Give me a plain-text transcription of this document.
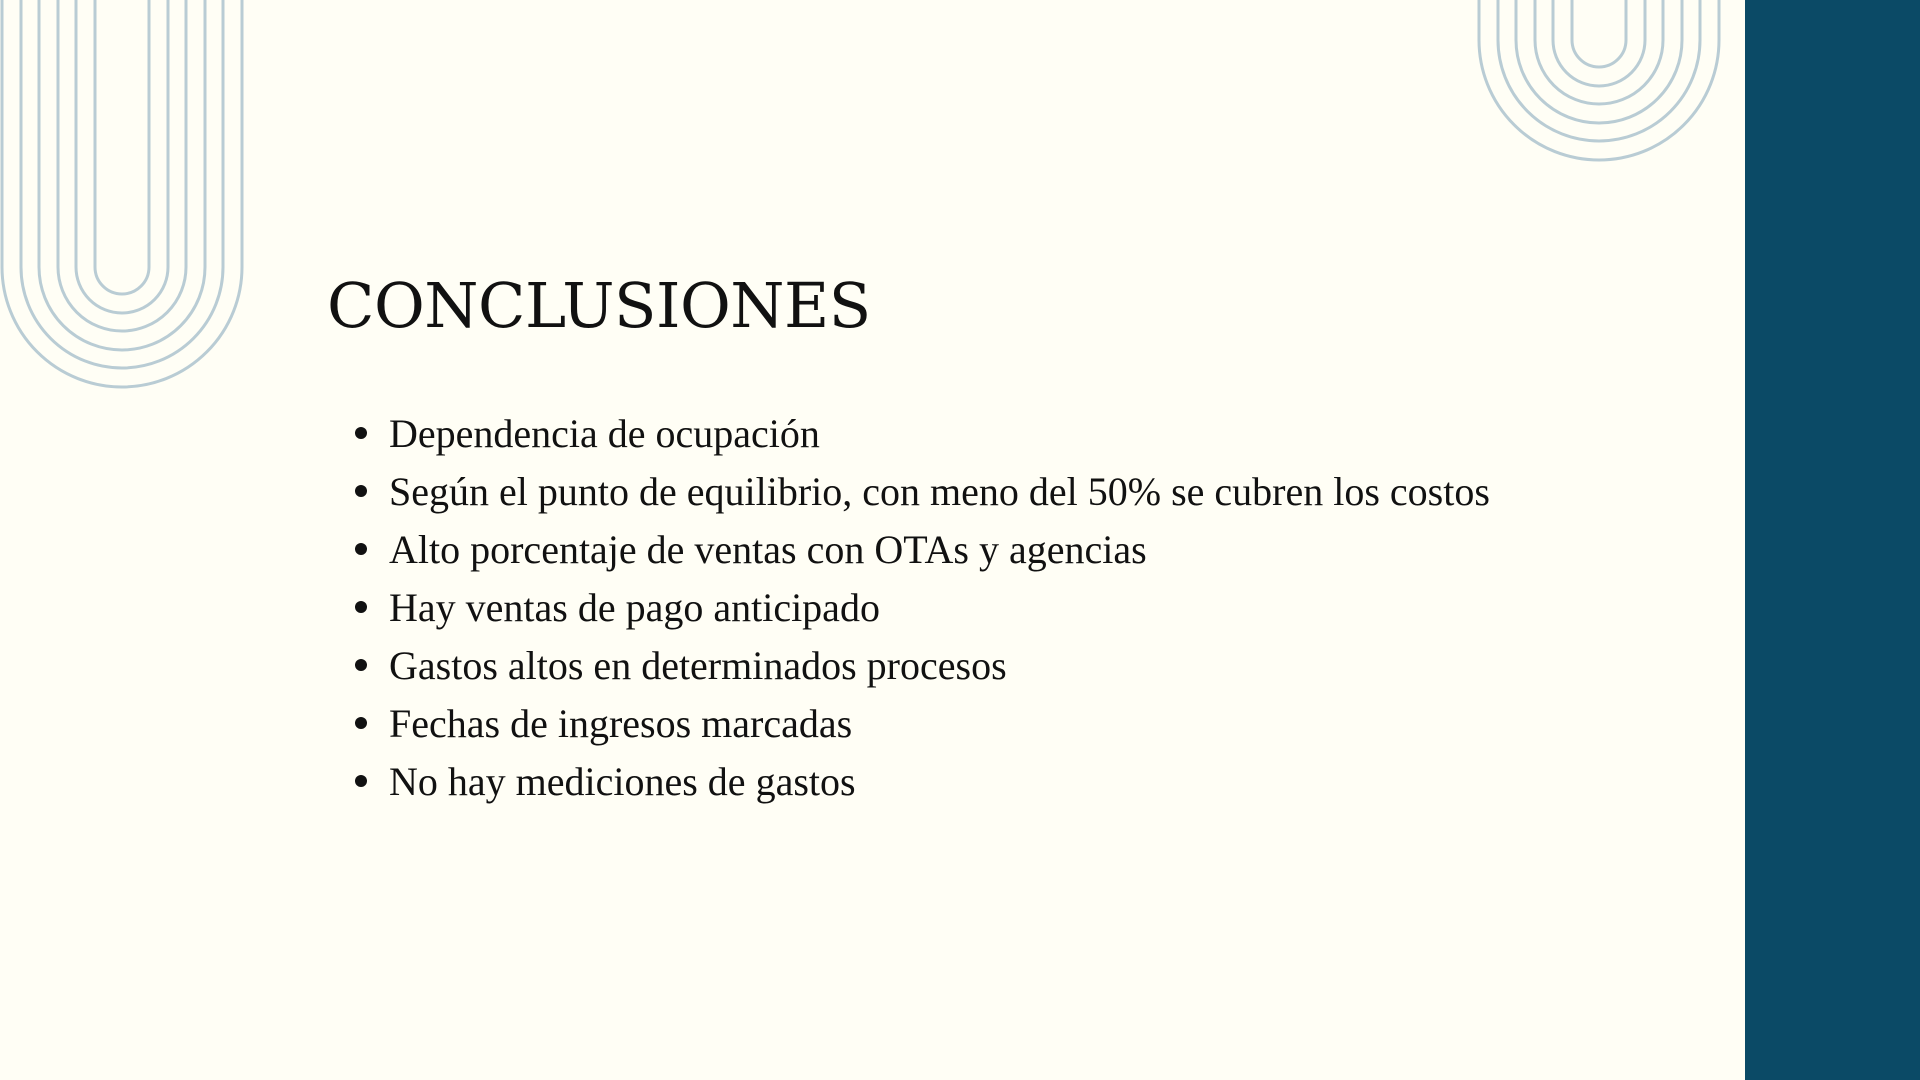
CONCLUSIONES
Dependencia de ocupación
Según el punto de equilibrio, con meno del 50% se cubren los costos
Alto porcentaje de ventas con OTAs y agencias
Hay ventas de pago anticipado
Gastos altos en determinados procesos
Fechas de ingresos marcadas
No hay mediciones de gastos
